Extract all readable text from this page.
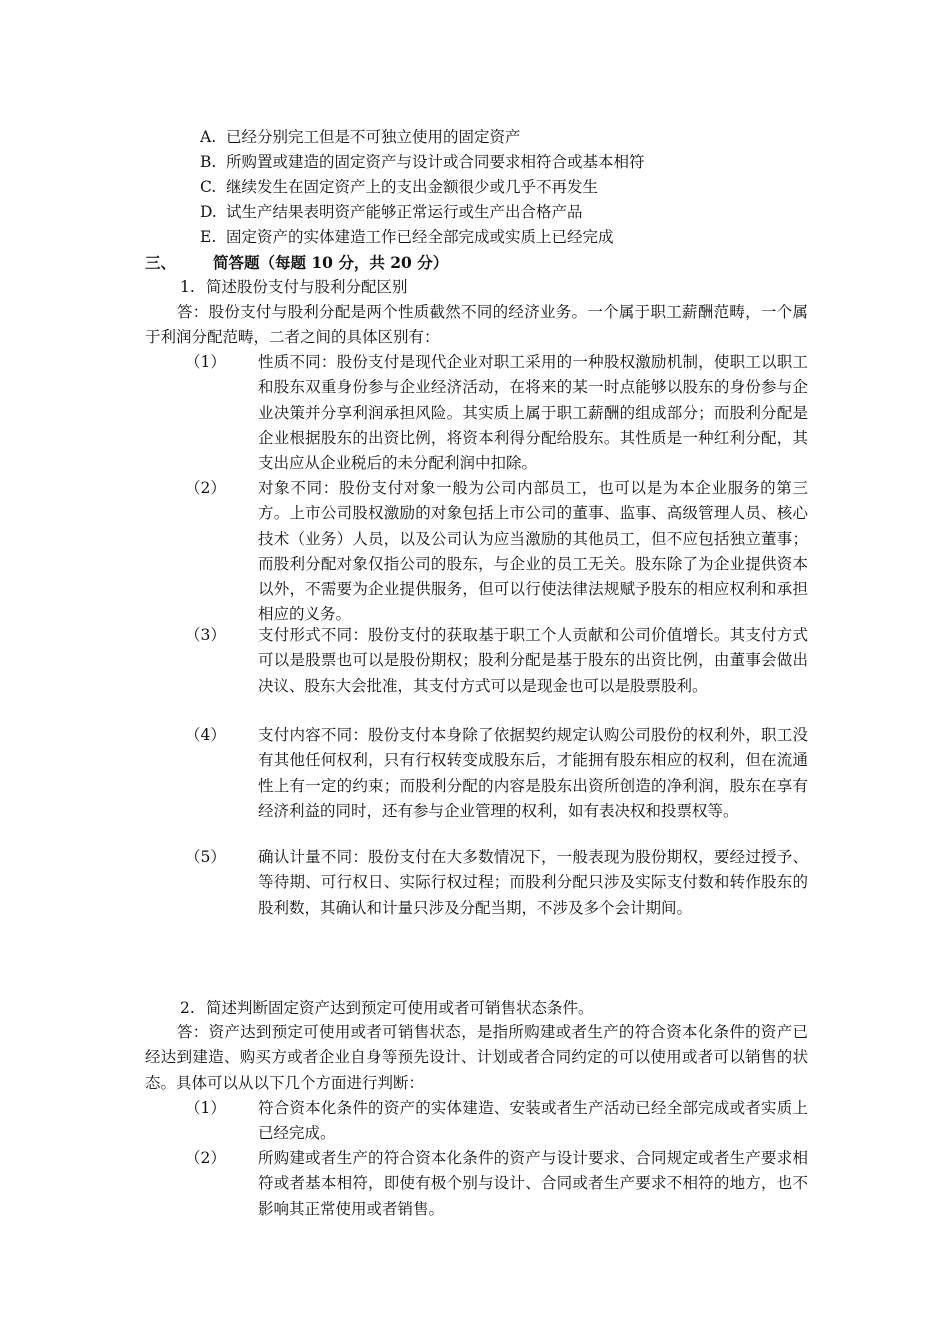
A. 已经分别完工但是不可独立使用的固定资产
B. 所购置或建造的固定资产与设计或合同要求相符合或基本相符
C. 继续发生在固定资产上的支出金额很少或几乎不再发生
D. 试生产结果表明资产能够正常运行或生产出合格产品
E. 固定资产的实体建造工作已经全部完成或实质上已经完成
三、 简答题（每题 10 分，共 20 分）
1. 简述股份支付与股利分配区别
答：股份支付与股利分配是两个性质截然不同的经济业务。一个属于职工薪酬范畴，一个属于利润分配范畴，二者之间的具体区别有：
（1） 性质不同：股份支付是现代企业对职工采用的一种股权激励机制，使职工以职工和股东双重身份参与企业经济活动，在将来的某一时点能够以股东的身份参与企业决策并分享利润承担风险。其实质上属于职工薪酬的组成部分；而股利分配是企业根据股东的出资比例，将资本利得分配给股东。其性质是一种红利分配，其支出应从企业税后的未分配利润中扣除。
（2） 对象不同：股份支付对象一般为公司内部员工，也可以是为本企业服务的第三方。上市公司股权激励的对象包括上市公司的董事、监事、高级管理人员、核心技术（业务）人员，以及公司认为应当激励的其他员工，但不应包括独立董事；而股利分配对象仅指公司的股东，与企业的员工无关。股东除了为企业提供资本以外，不需要为企业提供服务，但可以行使法律法规赋予股东的相应权利和承担相应的义务。
（3） 支付形式不同：股份支付的获取基于职工个人贡献和公司价值增长。其支付方式可以是股票也可以是股份期权；股利分配是基于股东的出资比例，由董事会做出决议、股东大会批准，其支付方式可以是现金也可以是股票股利。
（4） 支付内容不同：股份支付本身除了依据契约规定认购公司股份的权利外，职工没有其他任何权利，只有行权转变成股东后，才能拥有股东相应的权利，但在流通性上有一定的约束；而股利分配的内容是股东出资所创造的净利润，股东在享有经济利益的同时，还有参与企业管理的权利，如有表决权和投票权等。
（5） 确认计量不同：股份支付在大多数情况下，一般表现为股份期权，要经过授予、等待期、可行权日、实际行权过程；而股利分配只涉及实际支付数和转作股东的股利数，其确认和计量只涉及分配当期，不涉及多个会计期间。
2. 简述判断固定资产达到预定可使用或者可销售状态条件。
答：资产达到预定可使用或者可销售状态，是指所购建或者生产的符合资本化条件的资产已经达到建造、购买方或者企业自身等预先设计、计划或者合同约定的可以使用或者可以销售的状态。具体可以从以下几个方面进行判断：
（1） 符合资本化条件的资产的实体建造、安装或者生产活动已经全部完成或者实质上已经完成。
（2） 所购建或者生产的符合资本化条件的资产与设计要求、合同规定或者生产要求相符或者基本相符，即使有极个别与设计、合同或者生产要求不相符的地方，也不影响其正常使用或者销售。
